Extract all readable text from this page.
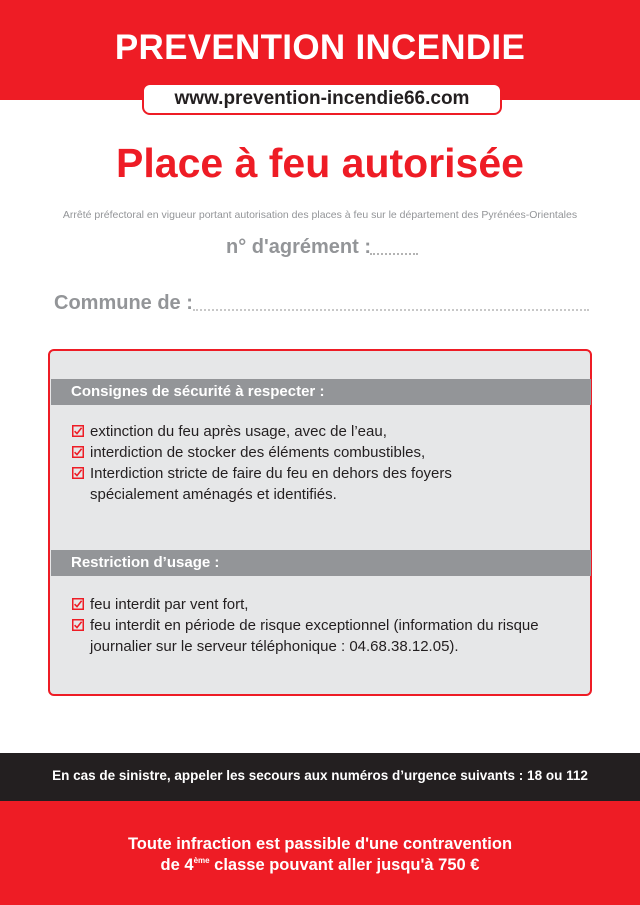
PREVENTION INCENDIE
www.prevention-incendie66.com
Place à feu autorisée
Arrêté préfectoral en vigueur portant autorisation des places à feu sur le département des Pyrénées-Orientales
n° d'agrément :
Commune de :
Consignes de sécurité à respecter :
extinction du feu après usage, avec de l’eau,
interdiction de stocker des éléments combustibles,
Interdiction stricte de faire du feu en dehors des foyers
spécialement aménagés et identifiés.
Restriction d’usage :
feu interdit par vent fort,
feu interdit en période de risque exceptionnel (information du risque
journalier sur le serveur téléphonique : 04.68.38.12.05).
En cas de sinistre, appeler les secours aux numéros d’urgence suivants : 18 ou 112
Toute infraction est passible d'une contravention
de 4ème classe pouvant aller jusqu'à 750 €
